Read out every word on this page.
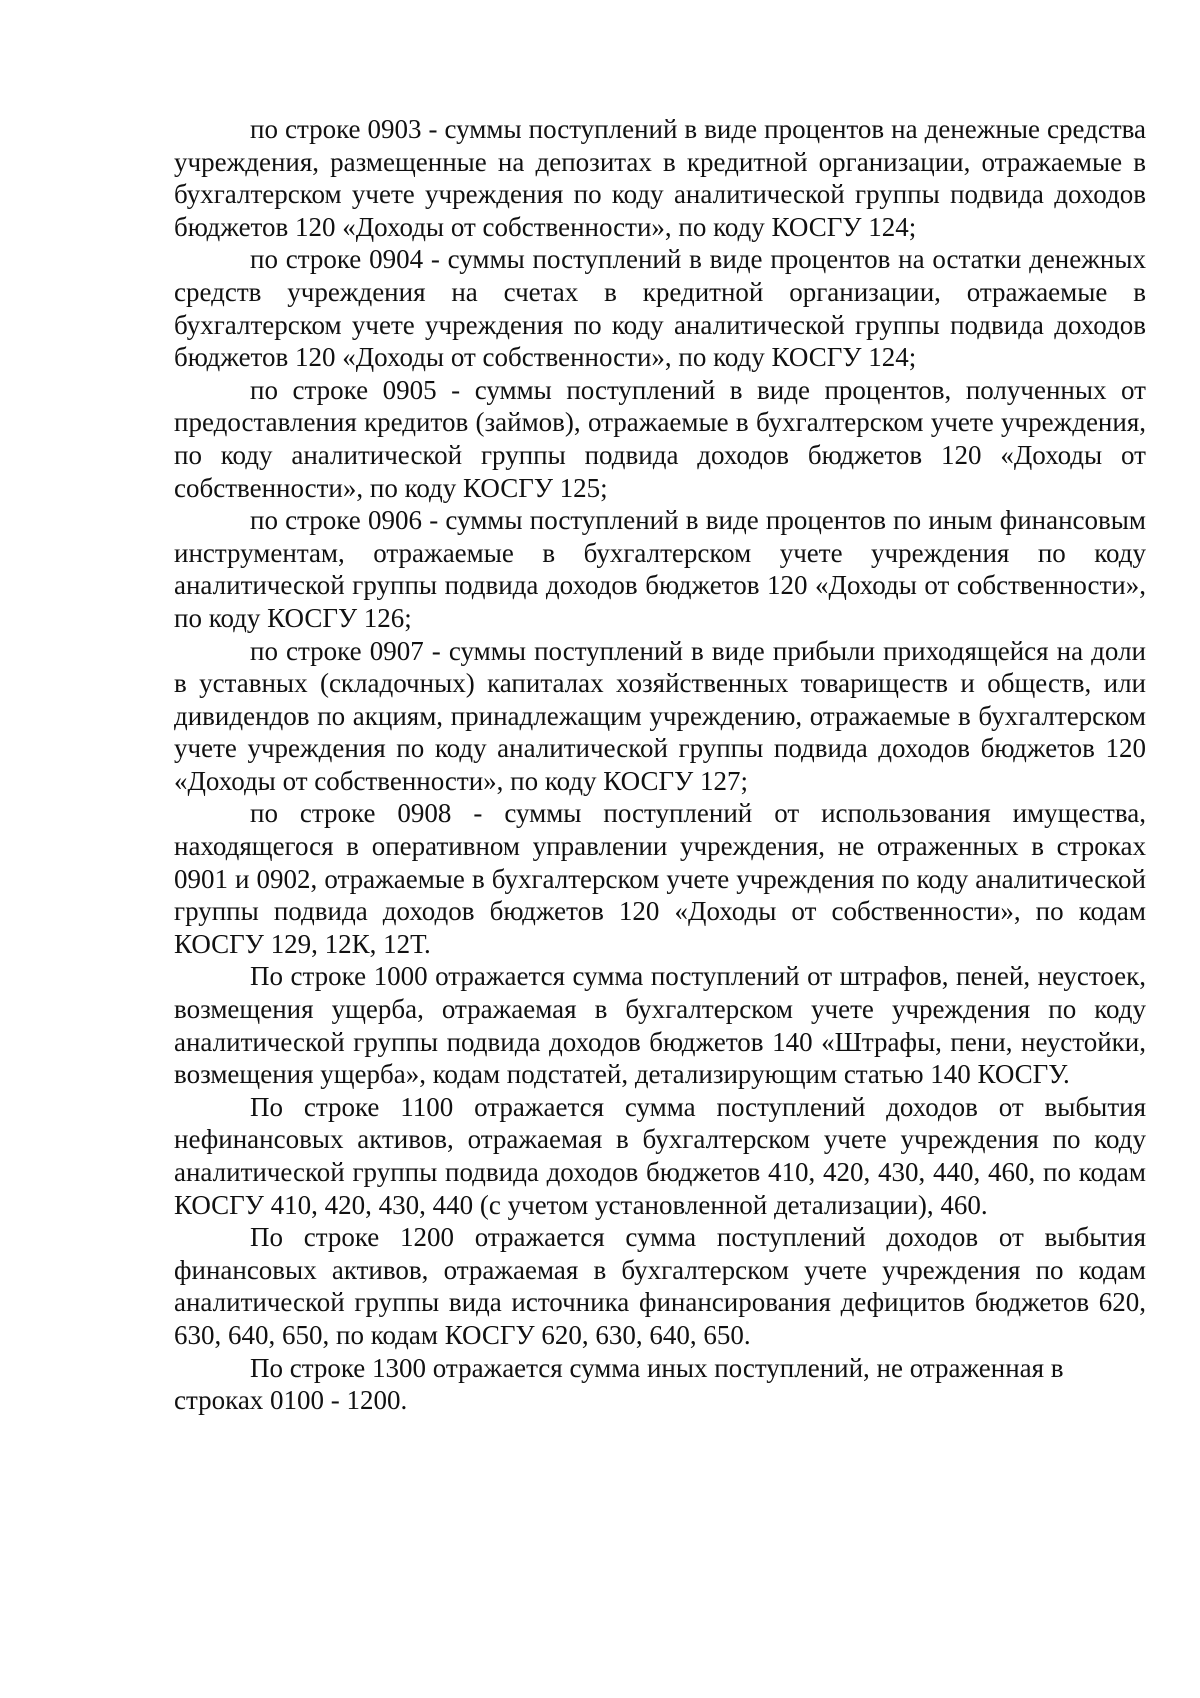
по строке 0903 - суммы поступлений в виде процентов на денежные средства учреждения, размещенные на депозитах в кредитной организации, отражаемые в бухгалтерском учете учреждения по коду аналитической группы подвида доходов бюджетов 120 «Доходы от собственности», по коду КОСГУ 124;

по строке 0904 - суммы поступлений в виде процентов на остатки денежных средств учреждения на счетах в кредитной организации, отражаемые в бухгалтерском учете учреждения по коду аналитической группы подвида доходов бюджетов 120 «Доходы от собственности», по коду КОСГУ 124;

по строке 0905 - суммы поступлений в виде процентов, полученных от предоставления кредитов (займов), отражаемые в бухгалтерском учете учреждения, по коду аналитической группы подвида доходов бюджетов 120 «Доходы от собственности», по коду КОСГУ 125;

по строке 0906 - суммы поступлений в виде процентов по иным финансовым инструментам, отражаемые в бухгалтерском учете учреждения по коду аналитической группы подвида доходов бюджетов 120 «Доходы от собственности», по коду КОСГУ 126;

по строке 0907 - суммы поступлений в виде прибыли приходящейся на доли в уставных (складочных) капиталах хозяйственных товариществ и обществ, или дивидендов по акциям, принадлежащим учреждению, отражаемые в бухгалтерском учете учреждения по коду аналитической группы подвида доходов бюджетов 120 «Доходы от собственности», по коду КОСГУ 127;

по строке 0908 - суммы поступлений от использования имущества, находящегося в оперативном управлении учреждения, не отраженных в строках 0901 и 0902, отражаемые в бухгалтерском учете учреждения по коду аналитической группы подвида доходов бюджетов 120 «Доходы от собственности», по кодам КОСГУ 129, 12К, 12Т.

По строке 1000 отражается сумма поступлений от штрафов, пеней, неустоек, возмещения ущерба, отражаемая в бухгалтерском учете учреждения по коду аналитической группы подвида доходов бюджетов 140 «Штрафы, пени, неустойки, возмещения ущерба», кодам подстатей, детализирующим статью 140 КОСГУ.

По строке 1100 отражается сумма поступлений доходов от выбытия нефинансовых активов, отражаемая в бухгалтерском учете учреждения по коду аналитической группы подвида доходов бюджетов 410, 420, 430, 440, 460, по кодам КОСГУ 410, 420, 430, 440 (с учетом установленной детализации), 460.

По строке 1200 отражается сумма поступлений доходов от выбытия финансовых активов, отражаемая в бухгалтерском учете учреждения по кодам аналитической группы вида источника финансирования дефицитов бюджетов 620, 630, 640, 650, по кодам КОСГУ 620, 630, 640, 650.

По строке 1300 отражается сумма иных поступлений, не отраженная в строках 0100 - 1200.
